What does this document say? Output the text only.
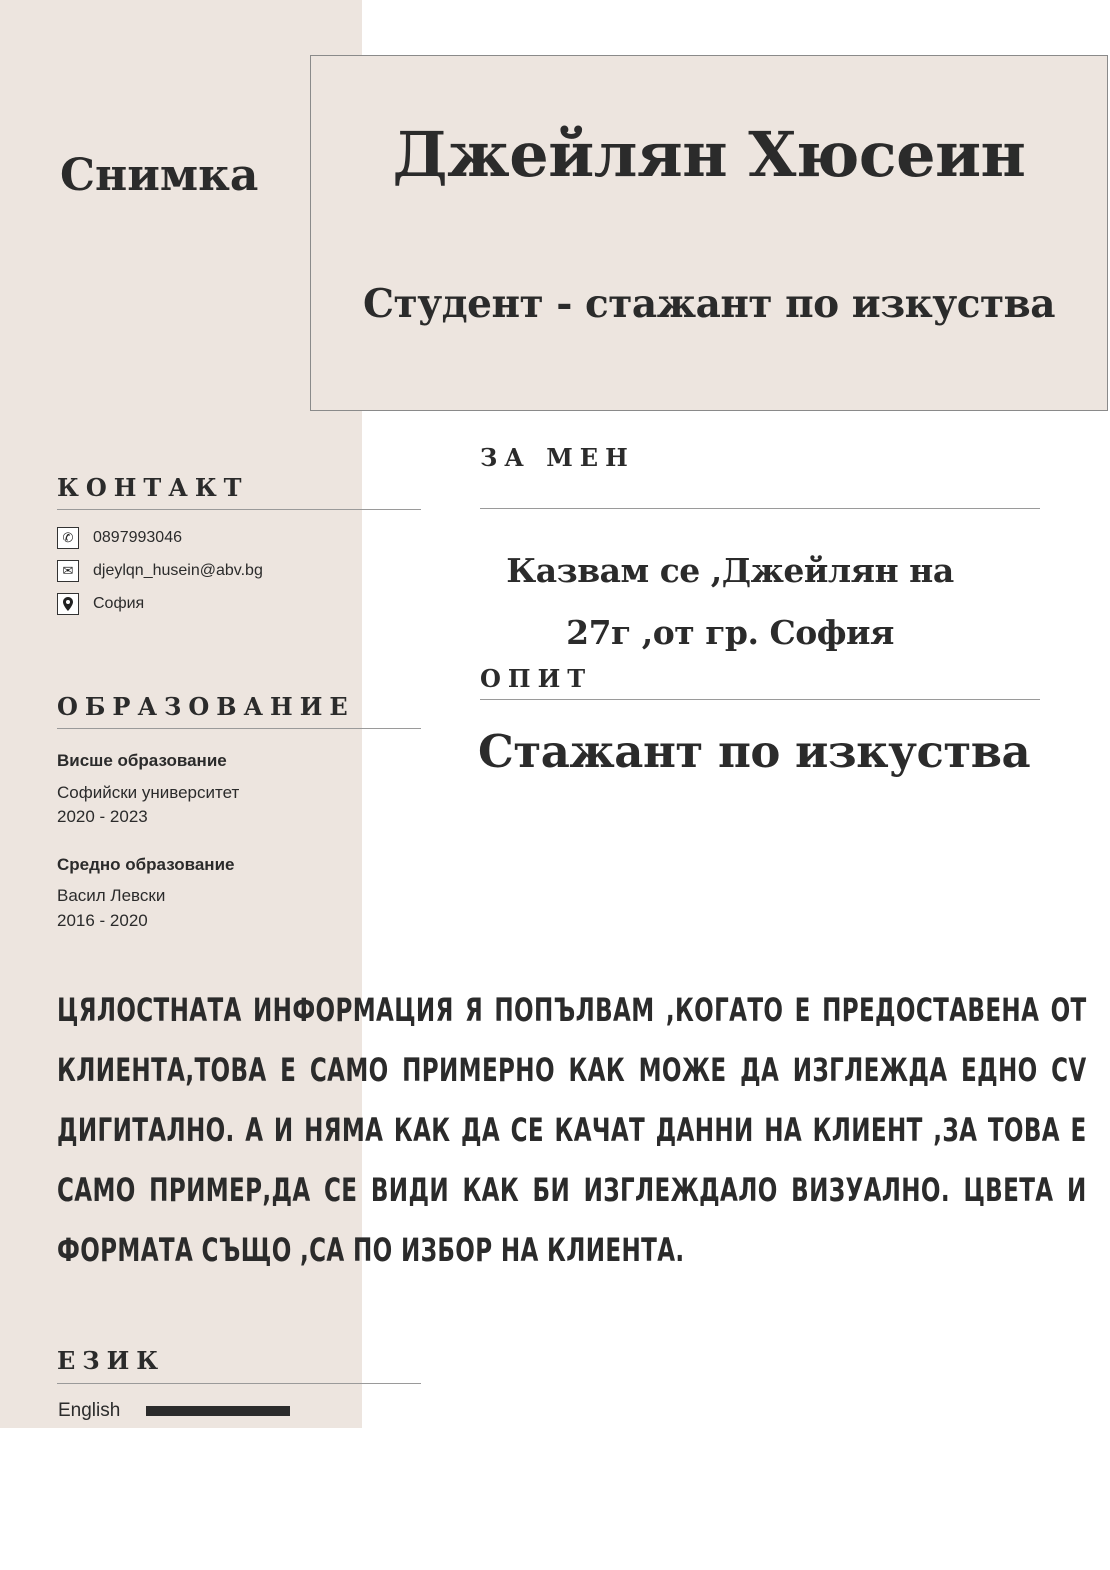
Снимка	Джейлян Хюсеин
Студент - стажант по изкуства
КОНТАКТ
✆	0897993046
✉	djeylqn_husein@abv.bg
София
ОБРАЗОВАНИЕ
Висше образование
Софийски университет
2020 - 2023
Средно образование
Васил Левски
2016 - 2020
ЗА МЕН
Казвам се ,Джейлян на
27г ,от гр. София
ОПИТ
Стажант по изкуства
ЦЯЛОСТНАТА ИНФОРМАЦИЯ Я ПОПЪЛВАМ ,КОГАТО Е ПРЕДОСТАВЕНА ОТ КЛИЕНТА,ТОВА Е САМО ПРИМЕРНО КАК МОЖЕ ДА ИЗГЛЕЖДА ЕДНО CV ДИГИТАЛНО. А И НЯМА КАК ДА СЕ КАЧАТ ДАННИ НА КЛИЕНТ ,ЗА ТОВА Е САМО ПРИМЕР,ДА СЕ ВИДИ КАК БИ ИЗГЛЕЖДАЛО ВИЗУАЛНО. ЦВЕТА И ФОРМАТА СЪЩО ,СА ПО ИЗБОР НА КЛИЕНТА.
ЕЗИК
English
